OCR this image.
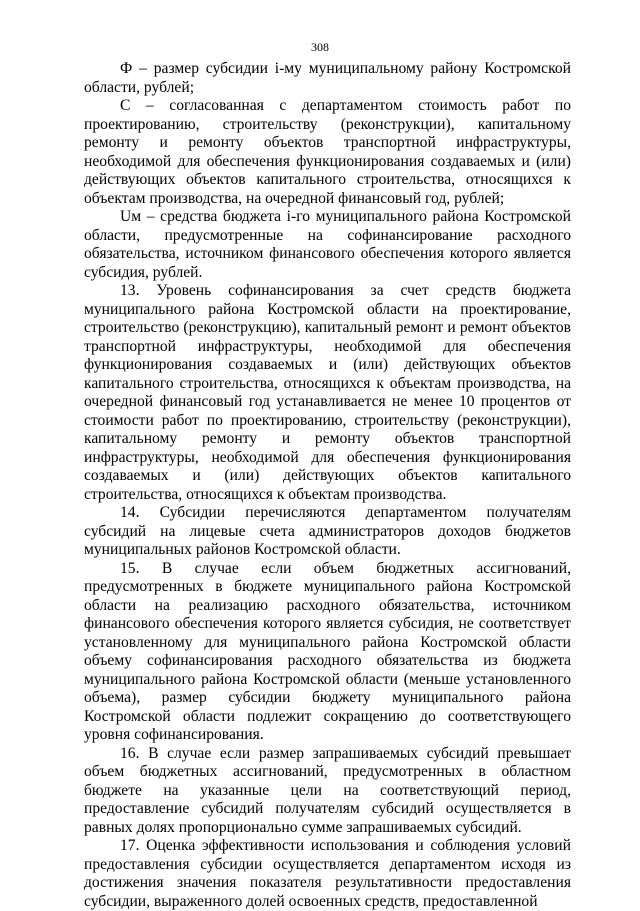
308

Ф – размер субсидии i-му муниципальному району Костромской области, рублей;

С – согласованная с департаментом стоимость работ по проектированию, строительству (реконструкции), капитальному ремонту и ремонту объектов транспортной инфраструктуры, необходимой для обеспечения функционирования создаваемых и (или) действующих объектов капитального строительства, относящихся к объектам производства, на очередной финансовый год, рублей;

Uм – средства бюджета i-го муниципального района Костромской области, предусмотренные на софинансирование расходного обязательства, источником финансового обеспечения которого является субсидия, рублей.

13. Уровень софинансирования за счет средств бюджета муниципального района Костромской области на проектирование, строительство (реконструкцию), капитальный ремонт и ремонт объектов транспортной инфраструктуры, необходимой для обеспечения функционирования создаваемых и (или) действующих объектов капитального строительства, относящихся к объектам производства, на очередной финансовый год устанавливается не менее 10 процентов от стоимости работ по проектированию, строительству (реконструкции), капитальному ремонту и ремонту объектов транспортной инфраструктуры, необходимой для обеспечения функционирования создаваемых и (или) действующих объектов капитального строительства, относящихся к объектам производства.

14. Субсидии перечисляются департаментом получателям субсидий на лицевые счета администраторов доходов бюджетов муниципальных районов Костромской области.

15. В случае если объем бюджетных ассигнований, предусмотренных в бюджете муниципального района Костромской области на реализацию расходного обязательства, источником финансового обеспечения которого является субсидия, не соответствует установленному для муниципального района Костромской области объему софинансирования расходного обязательства из бюджета муниципального района Костромской области (меньше установленного объема), размер субсидии бюджету муниципального района Костромской области подлежит сокращению до соответствующего уровня софинансирования.

16. В случае если размер запрашиваемых субсидий превышает объем бюджетных ассигнований, предусмотренных в областном бюджете на указанные цели на соответствующий период, предоставление субсидий получателям субсидий осуществляется в равных долях пропорционально сумме запрашиваемых субсидий.

17. Оценка эффективности использования и соблюдения условий предоставления субсидии осуществляется департаментом исходя из достижения значения показателя результативности предоставления субсидии, выраженного долей освоенных средств, предоставленной
